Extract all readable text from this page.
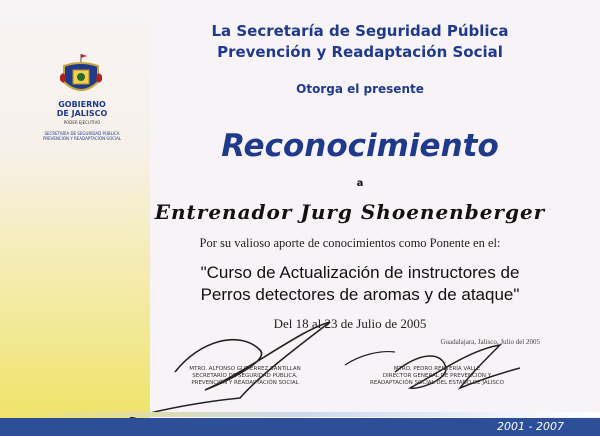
GOBIERNO
DE JALISCO
PODER EJECUTIVO
SECRETARÍA DE SEGURIDAD PÚBLICA
PREVENCIÓN Y READAPTACIÓN SOCIAL
La Secretaría de Seguridad Pública
Prevención y Readaptación Social
Otorga el presente
Reconocimiento
a
Entrenador Jurg Shoenenberger
Por su valioso aporte de conocimientos como Ponente en el:
"Curso de Actualización de instructores de
Perros detectores de aromas y de ataque"
Del 18 al 23 de Julio de 2005
Guadalajara, Jalisco, Julio del 2005
MTRO. ALFONSO GUTIERREZ SANTILLAN
SECRETARIO DE SEGURIDAD PÚBLICA,
PREVENCIÓN Y READAPTACIÓN SOCIAL
MTRO. PEDRO RENTERÍA VALLE
DIRECTOR GENERAL DE PREVENCIÓN Y
READAPTACIÓN SOCIAL DEL ESTADO DE JALISCO
2001 - 2007
